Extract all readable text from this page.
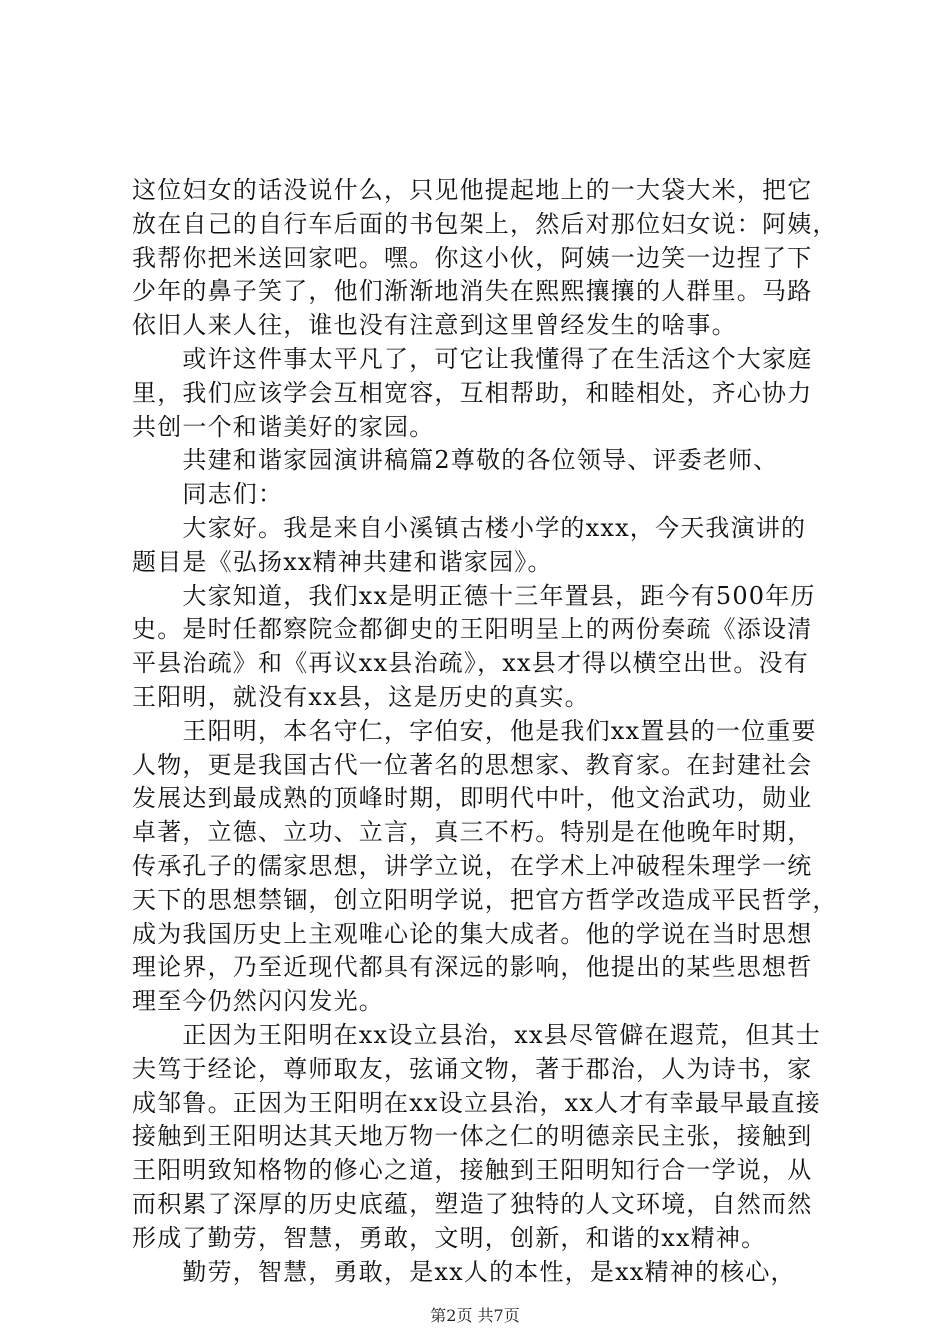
这位妇女的话没说什么，只见他提起地上的一大袋大米，把它
放在自己的自行车后面的书包架上，然后对那位妇女说：阿姨，
我帮你把米送回家吧。嘿。你这小伙，阿姨一边笑一边捏了下
少年的鼻子笑了，他们渐渐地消失在熙熙攘攘的人群里。马路
依旧人来人往，谁也没有注意到这里曾经发生的啥事。
　　或许这件事太平凡了，可它让我懂得了在生活这个大家庭
里，我们应该学会互相宽容，互相帮助，和睦相处，齐心协力
共创一个和谐美好的家园。
　　共建和谐家园演讲稿篇2尊敬的各位领导、评委老师、
　　同志们：
　　大家好。我是来自小溪镇古楼小学的xxx，今天我演讲的
题目是《弘扬xx精神共建和谐家园》。
　　大家知道，我们xx是明正德十三年置县，距今有500年历
史。是时任都察院佥都御史的王阳明呈上的两份奏疏《添设清
平县治疏》和《再议xx县治疏》，xx县才得以横空出世。没有
王阳明，就没有xx县，这是历史的真实。
　　王阳明，本名守仁，字伯安，他是我们xx置县的一位重要
人物，更是我国古代一位著名的思想家、教育家。在封建社会
发展达到最成熟的顶峰时期，即明代中叶，他文治武功，勋业
卓著，立德、立功、立言，真三不朽。特别是在他晚年时期，
传承孔子的儒家思想，讲学立说，在学术上冲破程朱理学一统
天下的思想禁锢，创立阳明学说，把官方哲学改造成平民哲学，
成为我国历史上主观唯心论的集大成者。他的学说在当时思想
理论界，乃至近现代都具有深远的影响，他提出的某些思想哲
理至今仍然闪闪发光。
　　正因为王阳明在xx设立县治，xx县尽管僻在遐荒，但其士
夫笃于经论，尊师取友，弦诵文物，著于郡治，人为诗书，家
成邹鲁。正因为王阳明在xx设立县治，xx人才有幸最早最直接
接触到王阳明达其天地万物一体之仁的明德亲民主张，接触到
王阳明致知格物的修心之道，接触到王阳明知行合一学说，从
而积累了深厚的历史底蕴，塑造了独特的人文环境，自然而然
形成了勤劳，智慧，勇敢，文明，创新，和谐的xx精神。
　　勤劳，智慧，勇敢，是xx人的本性，是xx精神的核心，
第2页 共7页
